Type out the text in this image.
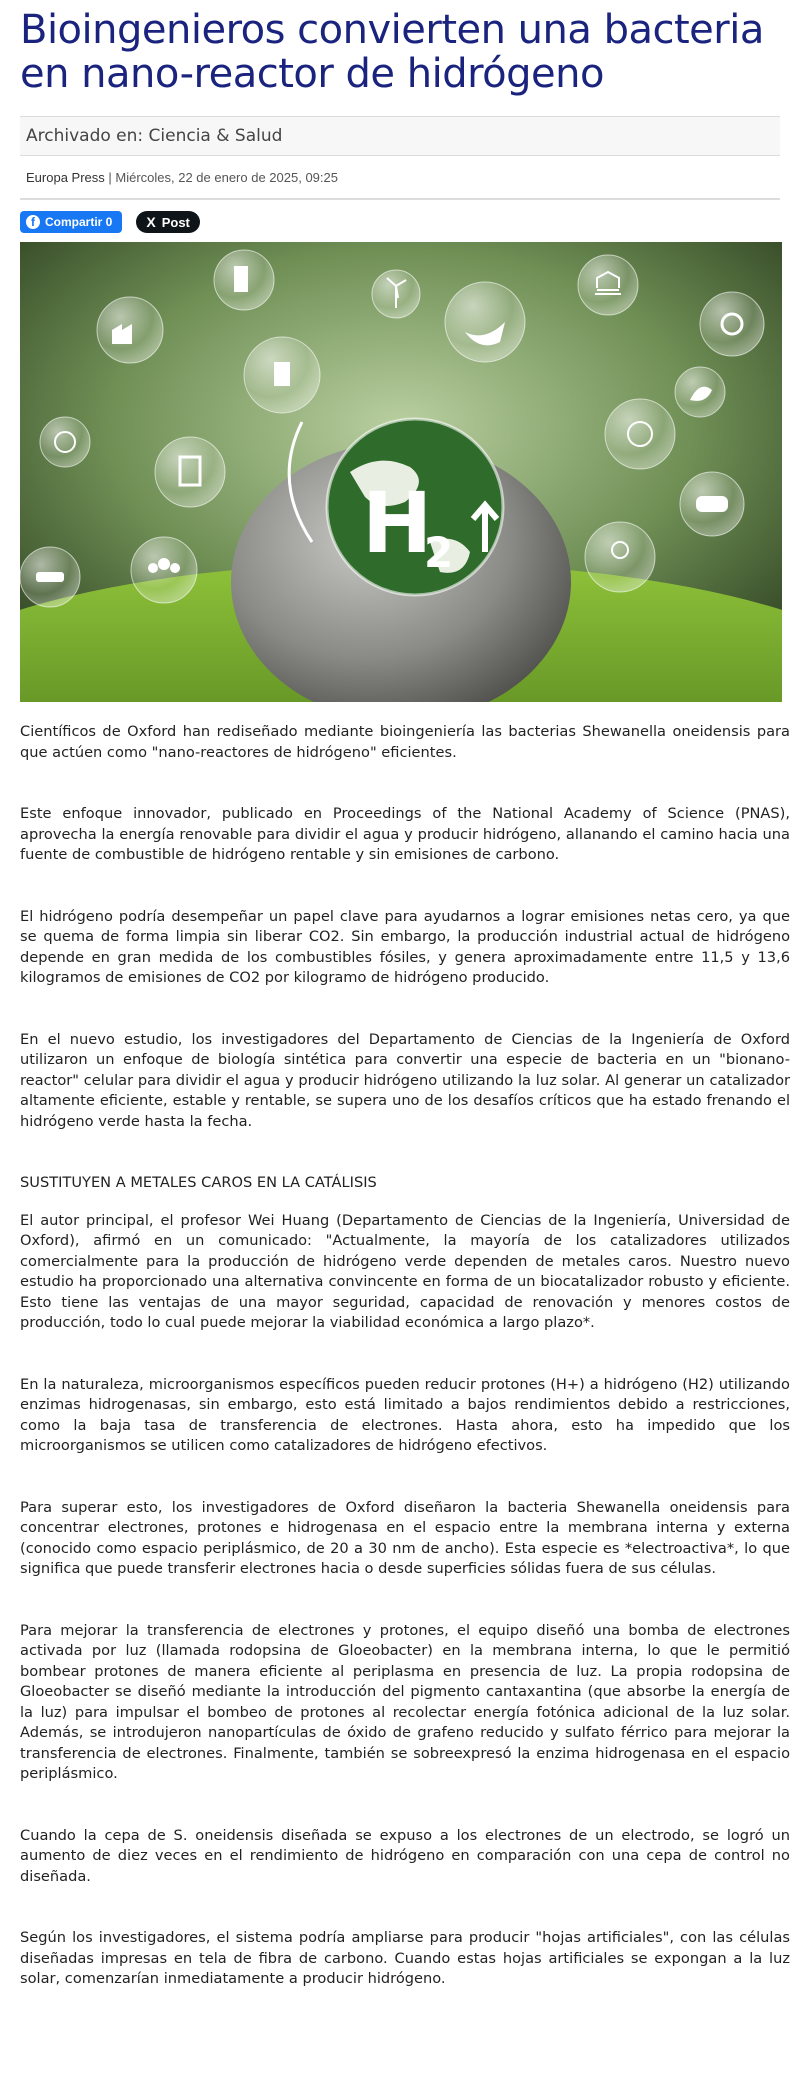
Bioingenieros convierten una bacteria en nano-reactor de hidrógeno
Archivado en: Ciencia & Salud
Europa Press | Miércoles, 22 de enero de 2025, 09:25
f Compartir 0 X Post
H
2

Científicos de Oxford han rediseñado mediante bioingeniería las bacterias Shewanella oneidensis para que actúen como "nano-reactores de hidrógeno" eficientes.

Este enfoque innovador, publicado en Proceedings of the National Academy of Science (PNAS), aprovecha la energía renovable para dividir el agua y producir hidrógeno, allanando el camino hacia una fuente de combustible de hidrógeno rentable y sin emisiones de carbono.

El hidrógeno podría desempeñar un papel clave para ayudarnos a lograr emisiones netas cero, ya que se quema de forma limpia sin liberar CO2. Sin embargo, la producción industrial actual de hidrógeno depende en gran medida de los combustibles fósiles, y genera aproximadamente entre 11,5 y 13,6 kilogramos de emisiones de CO2 por kilogramo de hidrógeno producido.

En el nuevo estudio, los investigadores del Departamento de Ciencias de la Ingeniería de Oxford utilizaron un enfoque de biología sintética para convertir una especie de bacteria en un "bionano-reactor" celular para dividir el agua y producir hidrógeno utilizando la luz solar. Al generar un catalizador altamente eficiente, estable y rentable, se supera uno de los desafíos críticos que ha estado frenando el hidrógeno verde hasta la fecha.

SUSTITUYEN A METALES CAROS EN LA CATÁLISIS

El autor principal, el profesor Wei Huang (Departamento de Ciencias de la Ingeniería, Universidad de Oxford), afirmó en un comunicado: "Actualmente, la mayoría de los catalizadores utilizados comercialmente para la producción de hidrógeno verde dependen de metales caros. Nuestro nuevo estudio ha proporcionado una alternativa convincente en forma de un biocatalizador robusto y eficiente. Esto tiene las ventajas de una mayor seguridad, capacidad de renovación y menores costos de producción, todo lo cual puede mejorar la viabilidad económica a largo plazo*.

En la naturaleza, microorganismos específicos pueden reducir protones (H+) a hidrógeno (H2) utilizando enzimas hidrogenasas, sin embargo, esto está limitado a bajos rendimientos debido a restricciones, como la baja tasa de transferencia de electrones. Hasta ahora, esto ha impedido que los microorganismos se utilicen como catalizadores de hidrógeno efectivos.

Para superar esto, los investigadores de Oxford diseñaron la bacteria Shewanella oneidensis para concentrar electrones, protones e hidrogenasa en el espacio entre la membrana interna y externa (conocido como espacio periplásmico, de 20 a 30 nm de ancho). Esta especie es *electroactiva*, lo que significa que puede transferir electrones hacia o desde superficies sólidas fuera de sus células.

Para mejorar la transferencia de electrones y protones, el equipo diseñó una bomba de electrones activada por luz (llamada rodopsina de Gloeobacter) en la membrana interna, lo que le permitió bombear protones de manera eficiente al periplasma en presencia de luz. La propia rodopsina de Gloeobacter se diseñó mediante la introducción del pigmento cantaxantina (que absorbe la energía de la luz) para impulsar el bombeo de protones al recolectar energía fotónica adicional de la luz solar. Además, se introdujeron nanopartículas de óxido de grafeno reducido y sulfato férrico para mejorar la transferencia de electrones. Finalmente, también se sobreexpresó la enzima hidrogenasa en el espacio periplásmico.

Cuando la cepa de S. oneidensis diseñada se expuso a los electrones de un electrodo, se logró un aumento de diez veces en el rendimiento de hidrógeno en comparación con una cepa de control no diseñada.

Según los investigadores, el sistema podría ampliarse para producir "hojas artificiales", con las células diseñadas impresas en tela de fibra de carbono. Cuando estas hojas artificiales se expongan a la luz solar, comenzarían inmediatamente a producir hidrógeno.
